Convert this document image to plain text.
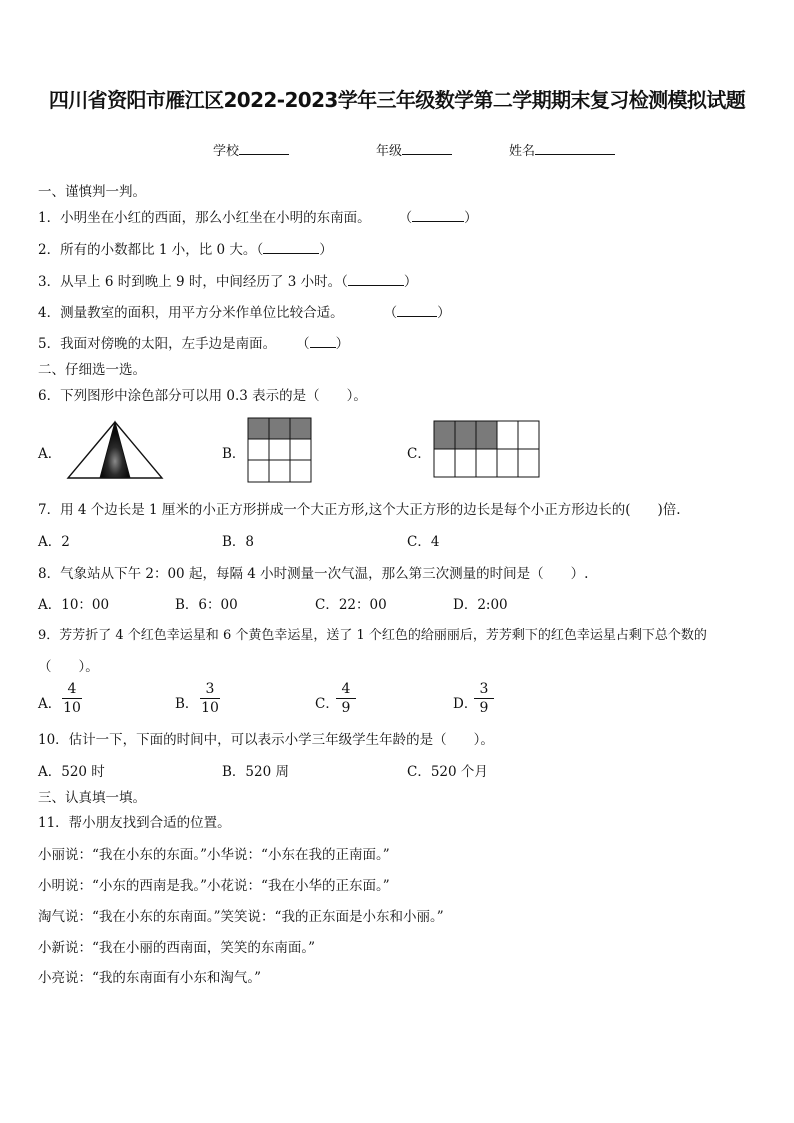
四川省资阳市雁江区2022-2023学年三年级数学第二学期期末复习检测模拟试题
学校	年级	姓名
一、谨慎判一判。
1．小明坐在小红的西面，那么小红坐在小明的东南面。 （	）
2．所有的小数都比 1 小，比 0 大。（	）
3．从早上 6 时到晚上 9 时，中间经历了 3 小时。（	）
4．测量教室的面积，用平方分米作单位比较合适。	（	）
5．我面对傍晚的太阳，左手边是南面。 （ ）
二、仔细选一选。
6．下列图形中涂色部分可以用 0.3 表示的是（　　）。
A．	B．	C．
7．用 4 个边长是 1 厘米的小正方形拼成一个大正方形,这个大正方形的边长是每个小正方形边长的(　　)倍.
A．2	B．8	C．4
8．气象站从下午 2：00 起，每隔 4 小时测量一次气温，那么第三次测量的时间是（　　）.
A．10：00	B．6：00	C．22：00	D．2:00
9．芳芳折了 4 个红色幸运星和 6 个黄色幸运星，送了 1 个红色的给丽丽后，芳芳剩下的红色幸运星占剩下总个数的
（　　）。
A．
4
10	B．
3
10	C．
4
9	D．
3
9
10．估计一下，下面的时间中，可以表示小学三年级学生年龄的是（　　）。
A．520 时	B．520 周	C．520 个月
三、认真填一填。
11．帮小朋友找到合适的位置。
小丽说：“我在小东的东面。”小华说：“小东在我的正南面。”
小明说：“小东的西南是我。”小花说：“我在小华的正东面。”
淘气说：“我在小东的东南面。”笑笑说：“我的正东面是小东和小丽。”
小新说：“我在小丽的西南面，笑笑的东南面。”
小亮说：“我的东南面有小东和淘气。”
